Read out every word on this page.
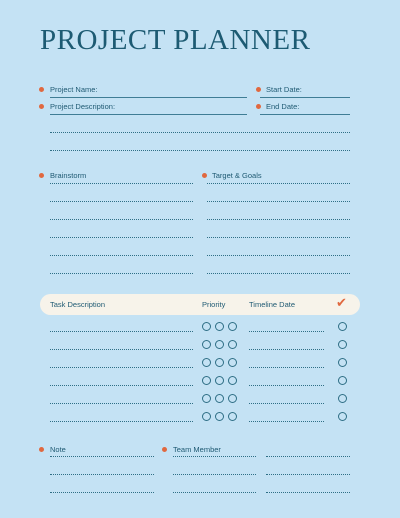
PROJECT PLANNER
Project Name:	Start Date:
Project Description:	End Date:
Brainstorm	Target & Goals
Task Description	Priority	Timeline Date	✔
Note	Team Member
